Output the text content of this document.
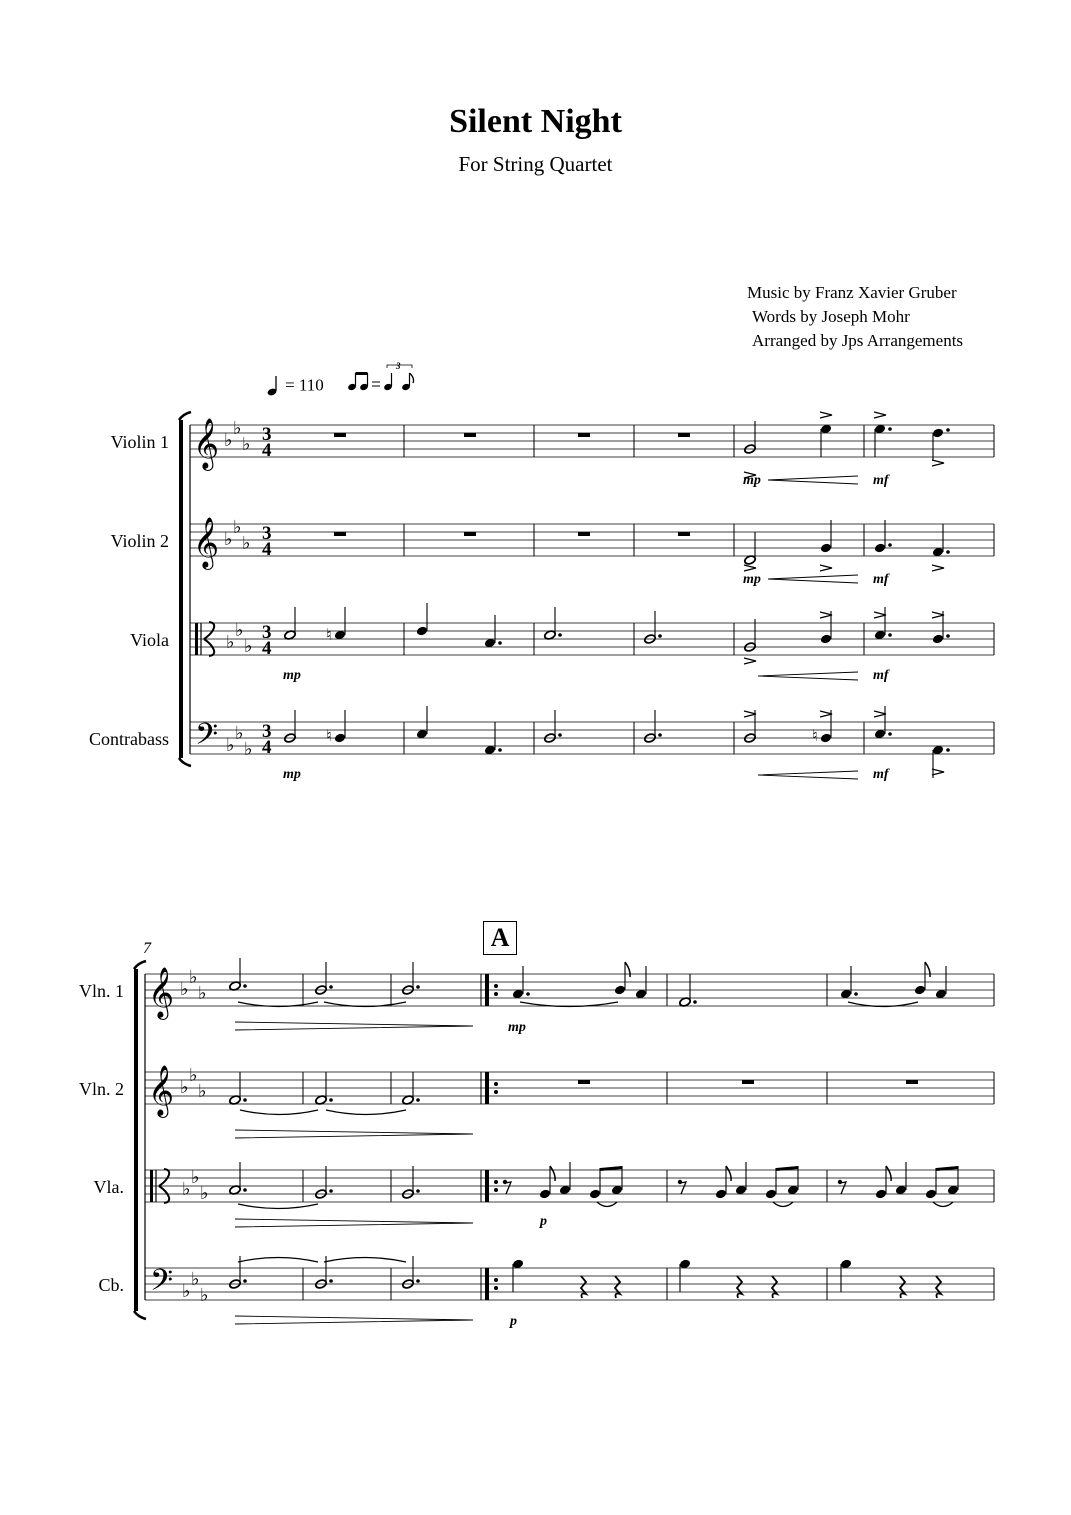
Silent Night
For String Quartet
Music by Franz Xavier Gruber
Words by Joseph Mohr
Arranged by Jps Arrangements
= 110
3
Violin 1
Violin 2
Viola
Contrabass
Vln. 1
Vln. 2
Vla.
Cb.
7	A
𝄞 ♭
♭
♭ 3
4
𝄞 ♭
♭
♭ 3
4
♭
♭
♭
3
4
𝄢 ♭
♭
♭
3
4
mp	mf
mp	mf
♮
mp	mf
♮	♮
mp	mf
𝄞 ♭
♭
♭
𝄞 ♭
♭
♭
♭
♭
♭
𝄢 ♭
♭
♭
mp
p
p
